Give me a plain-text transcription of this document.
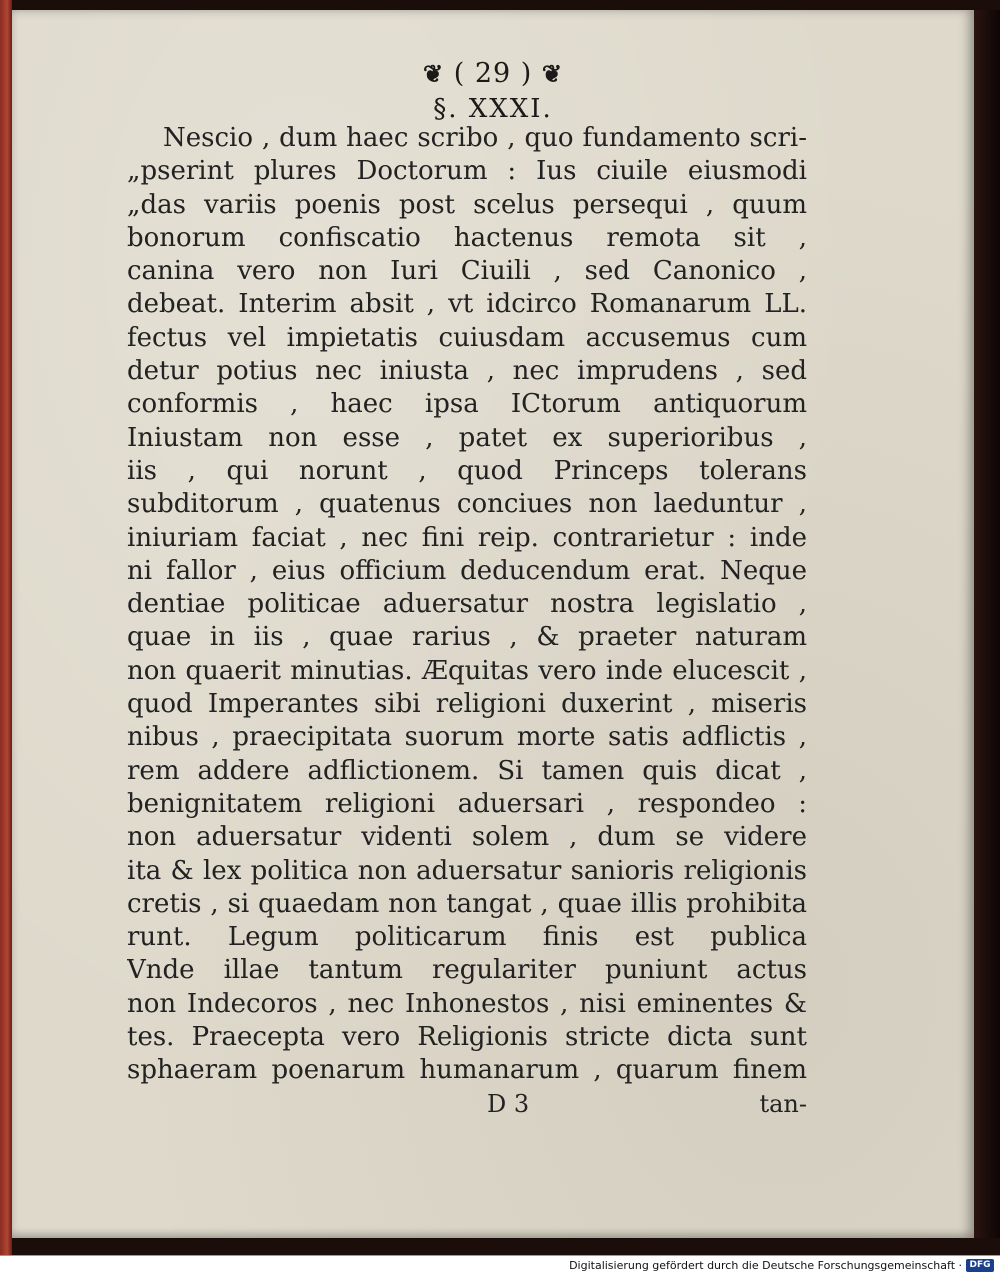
❦ ( 29 ) ❦
§. XXXI.
Nescio , dum haec scribo , quo fundamento scri-
„pserint plures Doctorum : Ius ciuile eiusmodi
„das variis poenis post scelus persequi , quum
bonorum confiscatio hactenus remota sit ,
canina vero non Iuri Ciuili , sed Canonico ,
debeat. Interim absit , vt idcirco Romanarum LL.
fectus vel impietatis cuiusdam accusemus cum
detur potius nec iniusta , nec imprudens , sed
conformis , haec ipsa ICtorum antiquorum
Iniustam non esse , patet ex superioribus ,
iis , qui norunt , quod Princeps tolerans
subditorum , quatenus conciues non laeduntur ,
iniuriam faciat , nec fini reip. contrarietur : inde
ni fallor , eius officium deducendum erat. Neque
dentiae politicae aduersatur nostra legislatio ,
quae in iis , quae rarius , & praeter naturam
non quaerit minutias. Æquitas vero inde elucescit ,
quod Imperantes sibi religioni duxerint , miseris
nibus , praecipitata suorum morte satis adflictis ,
rem addere adflictionem. Si tamen quis dicat ,
benignitatem religioni aduersari , respondeo :
non aduersatur videnti solem , dum se videre
ita & lex politica non aduersatur sanioris religionis
cretis , si quaedam non tangat , quae illis prohibita
runt. Legum politicarum finis est publica
Vnde illae tantum regulariter puniunt actus
non Indecoros , nec Inhonestos , nisi eminentes &
tes. Praecepta vero Religionis stricte dicta sunt
sphaeram poenarum humanarum , quarum finem
D 3	tan-
Digitalisierung gefördert durch die Deutsche Forschungsgemeinschaft · DFG
